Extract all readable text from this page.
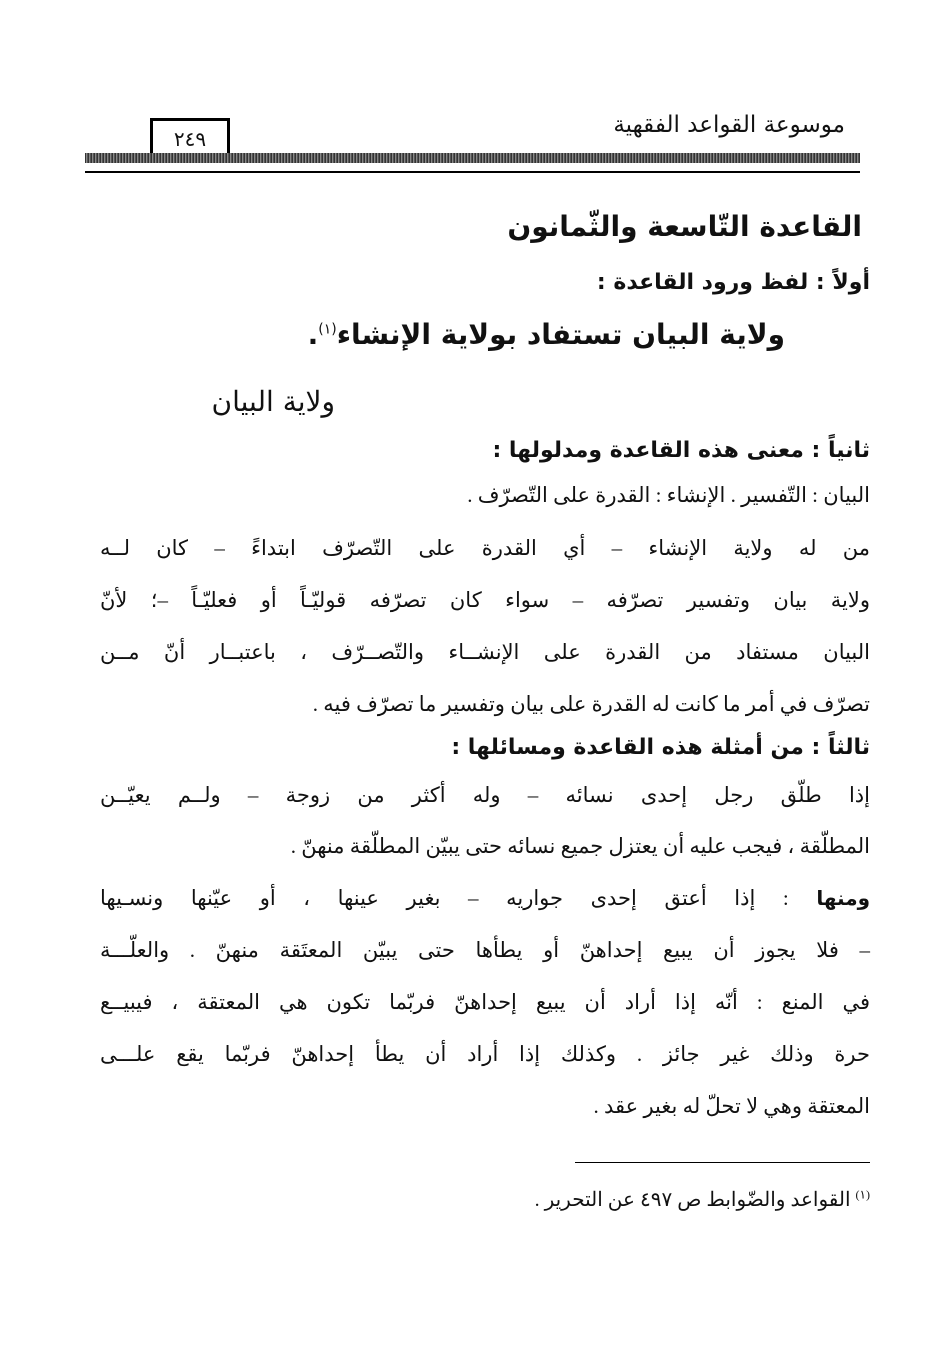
موسوعة القواعد الفقهية
٢٤٩
القاعدة التّاسعة والثّمانون
أولاً : لفظ ورود القاعدة :
ولاية البيان تستفاد بولاية الإنشاء$^{(١)}$.
ولاية البيان
ثانياً : معنى هذه القاعدة ومدلولها :
البيان : التّفسير . الإنشاء : القدرة على التّصرّف .
من له ولاية الإنشاء – أي القدرة على التّصرّف ابتداءً – كان لــه
ولاية بيان وتفسير تصرّفه – سواء كان تصرّفه قوليّـاً أو فعليّـاً –؛ لأنّ
البيان مستفاد من القدرة على الإنشــاء والتّصــرّف ، باعتبــار أنّ مــن
تصرّف في أمر ما كانت له القدرة على بيان وتفسير ما تصرّف فيه .
ثالثاً : من أمثلة هذه القاعدة ومسائلها :
إذا طلّق رجل إحدى نسائه – وله أكثر من زوجة – ولــم يعيّــن
المطلّقة ، فيجب عليه أن يعتزل جميع نسائه حتى يبيّن المطلّقة منهنّ .
ومنها : إذا أعتق إحدى جواريه – بغير عينها ، أو عيّنها ونسـيها
– فلا يجوز أن يبيع إحداهنّ أو يطأها حتى يبيّن المعتَقة منهنّ . والعلّـــة
في المنع : أنّه إذا أراد أن يبيع إحداهنّ فربّما تكون هي المعتقة ، فيبيــع
حرة وذلك غير جائز . وكذلك إذا أراد أن يطأ إحداهنّ فربّما يقع علـــى
المعتقة وهي لا تحلّ له بغير عقد .
$^{(١)}$ القواعد والضّوابط ص ٤٩٧ عن التحرير .
